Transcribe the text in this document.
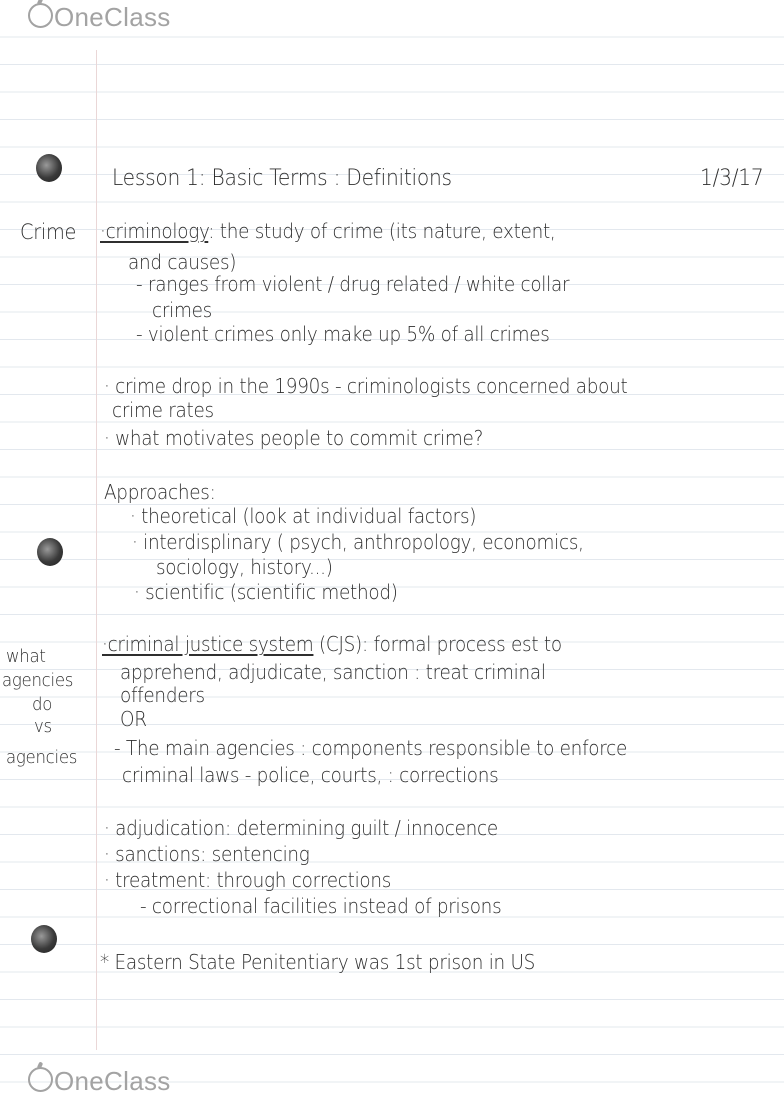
OneClass
Lesson 1: Basic Terms : Definitions	1/3/17
Crime ·criminology: the study of crime (its nature, extent,
and causes)
- ranges from violent / drug related / white collar
crimes
- violent crimes only make up 5% of all crimes
· crime drop in the 1990s - criminologists concerned about
crime rates
· what motivates people to commit crime?
Approaches:
· theoretical (look at individual factors)
· interdisplinary ( psych, anthropology, economics,
sociology, history...)
· scientific (scientific method)
what
agencies
do
vs
agencies
·criminal justice system (CJS): formal process est to
apprehend, adjudicate, sanction : treat criminal
offenders
OR
- The main agencies : components responsible to enforce
criminal laws - police, courts, : corrections
· adjudication: determining guilt / innocence
· sanctions: sentencing
· treatment: through corrections
- correctional facilities instead of prisons
* Eastern State Penitentiary was 1st prison in US
OneClass
